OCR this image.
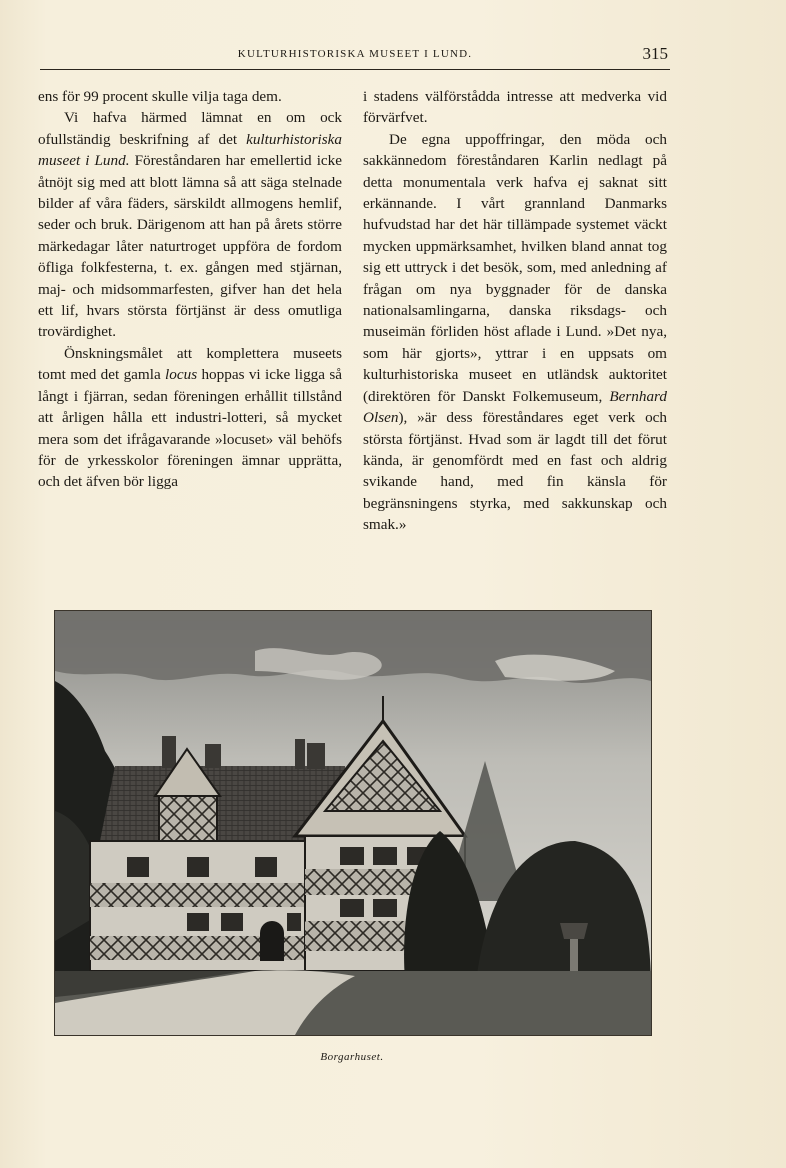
KULTURHISTORISKA MUSEET I LUND.	315

ens för 99 procent skulle vilja taga dem.

Vi hafva härmed lämnat en om ock ofullständig beskrifning af det kulturhistoriska museet i Lund. Föreståndaren har emellertid icke åtnöjt sig med att blott lämna så att säga stelnade bilder af våra fäders, särskildt allmogens hemlif, seder och bruk. Därigenom att han på årets större märkedagar låter naturtroget uppföra de fordom öfliga folkfesterna, t. ex. gången med stjärnan, maj- och midsommarfesten, gifver han det hela ett lif, hvars största förtjänst är dess omutliga trovärdighet.

Önskningsmålet att komplettera museets tomt med det gamla locus hoppas vi icke ligga så långt i fjärran, sedan föreningen erhållit tillstånd att årligen hålla ett industri-lotteri, så mycket mera som det ifrågavarande »locuset» väl behöfs för de yrkesskolor föreningen ämnar upprätta, och det äfven bör ligga

i stadens välförstådda intresse att medverka vid förvärfvet.

De egna uppoffringar, den möda och sakkännedom föreståndaren Karlin nedlagt på detta monumentala verk hafva ej saknat sitt erkännande. I vårt grannland Danmarks hufvudstad har det här tillämpade systemet väckt mycken uppmärksamhet, hvilken bland annat tog sig ett uttryck i det besök, som, med anledning af frågan om nya byggnader för de danska nationalsamlingarna, danska riksdags- och museimän förliden höst aflade i Lund. »Det nya, som här gjorts», yttrar i en uppsats om kulturhistoriska museet en utländsk auktoritet (direktören för Danskt Folkemuseum, Bernhard Olsen), »är dess föreståndares eget verk och största förtjänst. Hvad som är lagdt till det förut kända, är genomfördt med en fast och aldrig svikande hand, med fin känsla för begränsningens styrka, med sakkunskap och smak.»

Borgarhuset.
